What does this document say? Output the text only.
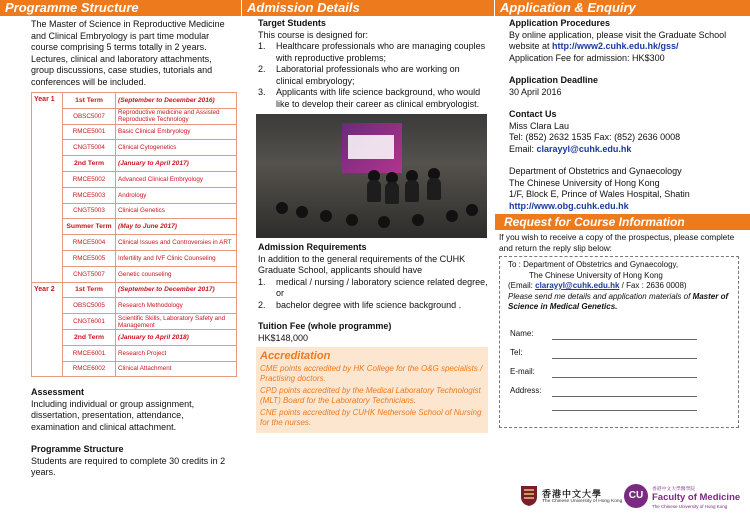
Programme Structure
The Master of Science in Reproductive Medicine and Clinical Embryology is part time modular course comprising 5 terms totally in 2 years. Lectures, clinical and laboratory attachments, group discussions, case studies, tutorials and conferences will be included.
Year 1	1st Term	(September to December 2016)
	OBSC5007	Reproductive medicine and Assisted Reproductive Technology
	RMCE5001	Basic Clinical Embryology
	CNGT5004	Clinical Cytogenetics
	2nd Term	(January to April 2017)
	RMCE5002	Advanced Clinical Embryology
	RMCE5003	Andrology
	CNGT5003	Clinical Genetics
	Summer Term	(May to June 2017)
	RMCE5004	Clinical Issues and Controversies in ART
	RMCE5005	Infertility and IVF Clinic Counseling
	CNGT5007	Genetic counseling
Year 2	1st Term	(September to December 2017)
	OBSC5005	Research Methodology
	CNGT6001	Scientific Skills, Laboratory Safety and Management
	2nd Term	(January to April 2018)
	RMCE6001	Research Project
	RMCE6002	Clinical Attachment
Assessment
Including individual or group assignment, dissertation, presentation, attendance, examination and clinical attachment.
Programme Structure
Students are required to complete 30 credits in 2 years.
Admission Details
Target Students
This course is designed for:
1. Healthcare professionals who are managing couples with reproductive problems;
2. Laboratorial professionals who are working on clinical embryology;
3. Applicants with life science background, who would like to develop their career as clinical embryologist.
Admission Requirements
In addition to the general requirements of the CUHK Graduate School, applicants should have
1. medical / nursing / laboratory science related degree, or
2. bachelor degree with life science background .
Tuition Fee (whole programme)
HK$148,000
Accreditation

CME points accredited by HK College for the O&G specialists / Practising doctors.

CPD points accredited by the Medical Laboratory Technologist (MLT) Board for the Laboratory Technicians.

CNE points accredited by CUHK Nethersole School of Nursing for the nurses.

Application & Enquiry
Application Procedures
By online application, please visit the Graduate School website at http://www2.cuhk.edu.hk/gss/
Application Fee for admission: HK$300
Application Deadline
30 April 2016
Contact Us
Miss Clara Lau
Tel: (852) 2632 1535 Fax: (852) 2636 0008
Email: clarayyl@cuhk.edu.hk
Department of Obstetrics and Gynaecology
The Chinese University of Hong Kong
1/F, Block E, Prince of Wales Hospital, Shatin
http://www.obg.cuhk.edu.hk
Request for Course Information
If you wish to receive a copy of the prospectus, please complete and return the reply slip below:
To : Department of Obstetrics and Gynaecology,
The Chinese University of Hong Kong
(Email: clarayyl@cuhk.edu.hk / Fax : 2636 0008)
Please send me details and application materials of Master of Science in Medical Genetics.
Name:
Tel:
E-mail:
Address:
香港中文大學
The Chinese University of Hong Kong
CU
香港中文大學醫學院
Faculty of Medicine
The Chinese University of Hong Kong
